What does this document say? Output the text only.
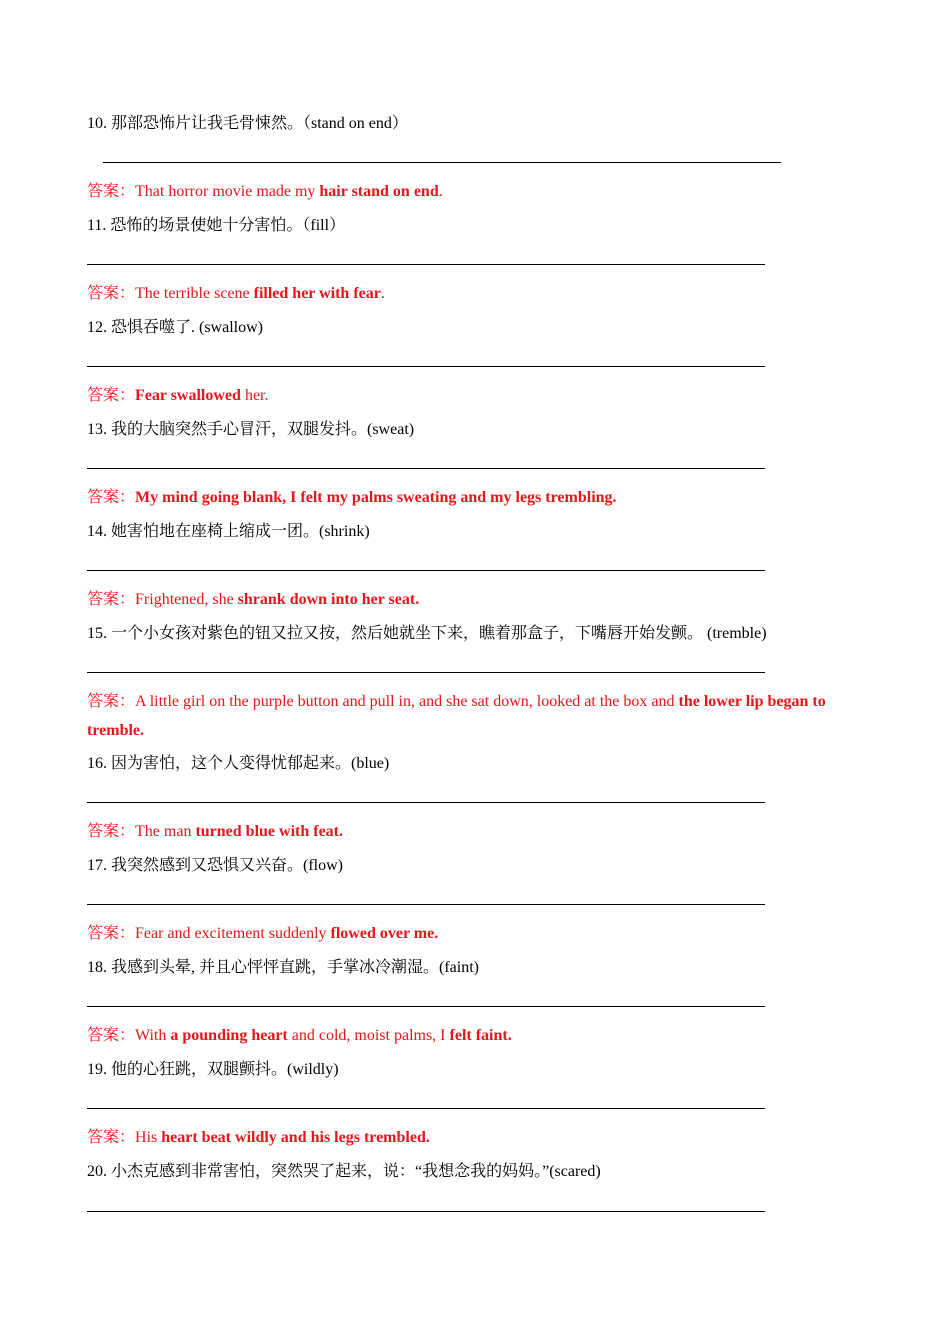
10. 那部恐怖片让我毛骨悚然。（stand on end）
答案：That horror movie made my hair stand on end.
11. 恐怖的场景使她十分害怕。（fill）
答案：The terrible scene filled her with fear.
12. 恐惧吞噬了. (swallow)
答案：Fear swallowed her.
13. 我的大脑突然手心冒汗，双腿发抖。(sweat)
答案：My mind going blank, I felt my palms sweating and my legs trembling.
14. 她害怕地在座椅上缩成一团。(shrink)
答案：Frightened, she shrank down into her seat.
15. 一个小女孩对紫色的钮又拉又按，然后她就坐下来，瞧着那盒子，下嘴唇开始发颤。 (tremble)
答案：A little girl on the purple button and pull in, and she sat down, looked at the box and the lower lip began to tremble.
16. 因为害怕，这个人变得忧郁起来。(blue)
答案：The man turned blue with feat.
17. 我突然感到又恐惧又兴奋。(flow)
答案：Fear and excitement suddenly flowed over me.
18. 我感到头晕, 并且心怦怦直跳，手掌冰冷潮湿。(faint)
答案：With a pounding heart and cold, moist palms, I felt faint.
19. 他的心狂跳，双腿颤抖。(wildly)
答案：His heart beat wildly and his legs trembled.
20. 小杰克感到非常害怕，突然哭了起来，说：“我想念我的妈妈。”(scared)
